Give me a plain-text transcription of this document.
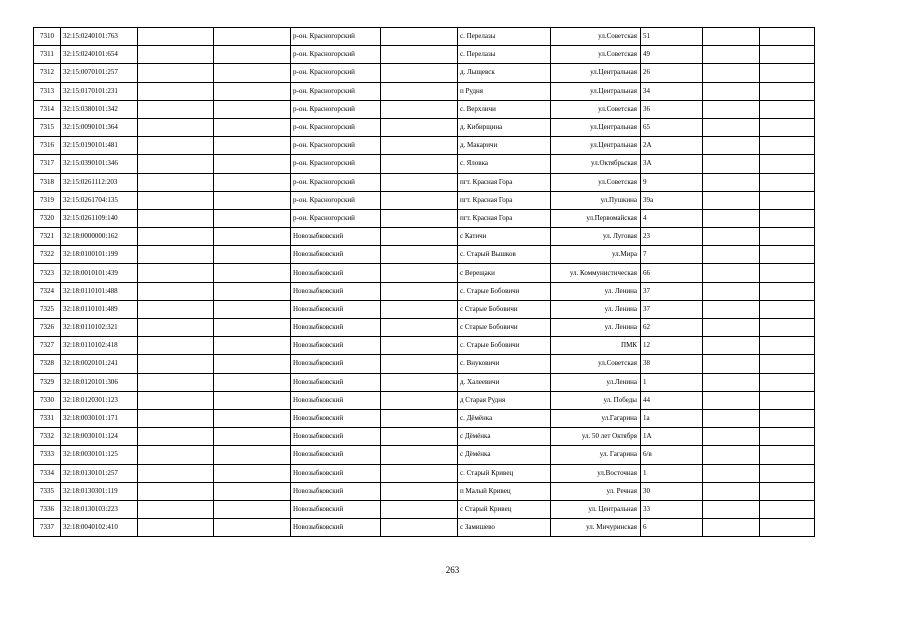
7310	32:15:0240101:763			р-он. Красногорский		с. Перелазы	ул.Советская	51		
7311	32:15:0240101:654			р-он. Красногорский		с. Перелазы	ул.Советская	49		
7312	32:15:0070101:257			р-он. Красногорский		д. Лыщевск	ул.Центральная	26		
7313	32:15:0170101:231			р-он. Красногорский		п Рудня	ул.Центральная	34		
7314	32:15:0380101:342			р-он. Красногорский		с. Верхличи	ул.Советская	36		
7315	32:15:0090101:364			р-он. Красногорский		д. Кибирщина	ул.Центральная	65		
7316	32:15:0190101:481			р-он. Красногорский		д. Макаричи	ул.Центральная	2А		
7317	32:15:0390101:346			р-он. Красногорский		с. Яловка	ул.Октябрьская	3А		
7318	32:15:0261112:203			р-он. Красногорский		пгт. Красная Гора	ул.Советская	9		
7319	32:15:0261704:135			р-он. Красногорский		пгт. Красная Гора	ул.Пушкина	39а		
7320	32:15:0261109:140			р-он. Красногорский		пгт. Красная Гора	ул.Первомайская	4		
7321	32:18:0000000:162			Новозыбковский		с Катичи	ул. Луговая	23		
7322	32:18:0100101:199			Новозыбковский		с. Старый Вышков	ул.Мира	7		
7323	32:18:0010101:439			Новозыбковский		с Верещаки	ул. Коммунистическая	66		
7324	32:18:0110101:488			Новозыбковский		с. Старые Бобовичи	ул. Ленина	37		
7325	32:18:0110101:489			Новозыбковский		с Старые Бобовичи	ул. Ленина	37		
7326	32:18:0110102:321			Новозыбковский		с Старые Бобовичи	ул. Ленина	62		
7327	32:18:0110102:418			Новозыбковский		с. Старые Бобовичи	ПМК	12		
7328	32:18:0020101:241			Новозыбковский		с. Внуковичи	ул.Советская	38		
7329	32:18:0120101:306			Новозыбковский		д. Халеевичи	ул.Ленина	1		
7330	32:18:0120301:123			Новозыбковский		д Старая Рудня	ул. Победы	44		
7331	32:18:0030101:171			Новозыбковский		с. Дёмёнка	ул.Гагарина	1а		
7332	32:18:0030101:124			Новозыбковский		с Дёмёнка	ул. 50 лет Октября	1А		
7333	32:18:0030101:125			Новозыбковский		с Дёмёнка	ул. Гагарина	6/в		
7334	32:18:0130101:257			Новозыбковский		с. Старый Кривец	ул.Восточная	1		
7335	32:18:0130301:119			Новозыбковский		п Малый Кривец	ул. Речная	30		
7336	32:18:0130103:223			Новозыбковский		с Старый Кривец	ул. Центральная	33		
7337	32:18:0040102:410			Новозыбковский		с Замишево	ул. Мичуринская	6		
263
